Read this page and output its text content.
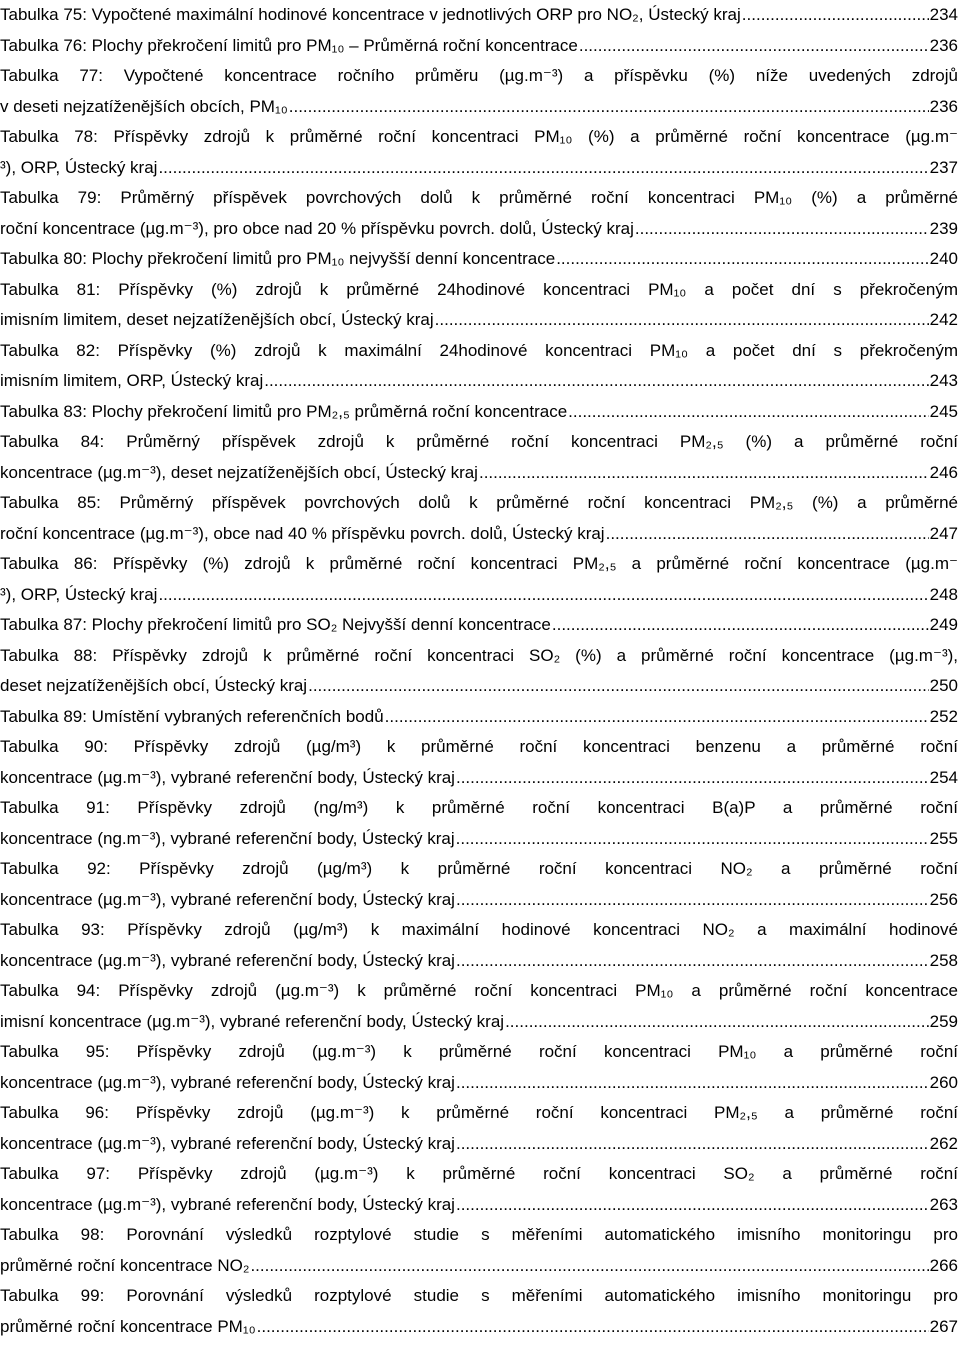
Tabulka 75: Vypočtené maximální hodinové koncentrace v jednotlivých ORP pro NO₂, Ústecký kraj .....	234
Tabulka 76: Plochy překročení limitů pro PM₁₀ – Průměrná roční koncentrace .....	236
Tabulka 77: Vypočtené koncentrace ročního průměru (µg.m⁻³) a příspěvku (%) níže uvedených zdrojů
v deseti nejzatíženějších obcích, PM₁₀ .....	236
Tabulka 78: Příspěvky zdrojů k průměrné roční koncentraci PM₁₀ (%) a průměrné roční koncentrace (µg.m⁻
³), ORP, Ústecký kraj .....	237
Tabulka 79: Průměrný příspěvek povrchových dolů k průměrné roční koncentraci PM₁₀ (%) a průměrné
roční koncentrace (µg.m⁻³), pro obce nad 20 % příspěvku povrch. dolů, Ústecký kraj .....	239
Tabulka 80: Plochy překročení limitů pro PM₁₀ nejvyšší denní koncentrace .....	240
Tabulka 81: Příspěvky (%) zdrojů k průměrné 24hodinové koncentraci PM₁₀ a počet dní s překročeným
imisním limitem, deset nejzatíženějších obcí, Ústecký kraj .....	242
Tabulka 82: Příspěvky (%) zdrojů k maximální 24hodinové koncentraci PM₁₀ a počet dní s překročeným
imisním limitem, ORP, Ústecký kraj .....	243
Tabulka 83: Plochy překročení limitů pro PM₂,₅ průměrná roční koncentrace .....	245
Tabulka 84: Průměrný příspěvek zdrojů k průměrné roční koncentraci PM₂,₅ (%) a průměrné roční
koncentrace (µg.m⁻³), deset nejzatíženějších obcí, Ústecký kraj .....	246
Tabulka 85: Průměrný příspěvek povrchových dolů k průměrné roční koncentraci PM₂,₅ (%) a průměrné
roční koncentrace (µg.m⁻³), obce nad 40 % příspěvku povrch. dolů, Ústecký kraj .....	247
Tabulka 86: Příspěvky (%) zdrojů k průměrné roční koncentraci PM₂,₅ a průměrné roční koncentrace (µg.m⁻
³), ORP, Ústecký kraj .....	248
Tabulka 87: Plochy překročení limitů pro SO₂ Nejvyšší denní koncentrace .....	249
Tabulka 88: Příspěvky zdrojů k průměrné roční koncentraci SO₂ (%) a průměrné roční koncentrace (µg.m⁻³),
deset nejzatíženějších obcí, Ústecký kraj .....	250
Tabulka 89: Umístění vybraných referenčních bodů .....	252
Tabulka 90: Příspěvky zdrojů (µg/m³) k průměrné roční koncentraci benzenu a průměrné roční
koncentrace (µg.m⁻³), vybrané referenční body, Ústecký kraj .....	254
Tabulka 91: Příspěvky zdrojů (ng/m³) k průměrné roční koncentraci B(a)P a průměrné roční
koncentrace (ng.m⁻³), vybrané referenční body, Ústecký kraj .....	255
Tabulka 92: Příspěvky zdrojů (µg/m³) k průměrné roční koncentraci NO₂ a průměrné roční
koncentrace (µg.m⁻³), vybrané referenční body, Ústecký kraj .....	256
Tabulka 93: Příspěvky zdrojů (µg/m³) k maximální hodinové koncentraci NO₂ a maximální hodinové
koncentrace (µg.m⁻³), vybrané referenční body, Ústecký kraj .....	258
Tabulka 94: Příspěvky zdrojů (µg.m⁻³) k průměrné roční koncentraci PM₁₀ a průměrné roční koncentrace
imisní koncentrace (µg.m⁻³), vybrané referenční body, Ústecký kraj .....	259
Tabulka 95: Příspěvky zdrojů (µg.m⁻³) k průměrné roční koncentraci PM₁₀ a průměrné roční
koncentrace (µg.m⁻³), vybrané referenční body, Ústecký kraj .....	260
Tabulka 96: Příspěvky zdrojů (µg.m⁻³) k průměrné roční koncentraci PM₂,₅ a průměrné roční
koncentrace (µg.m⁻³), vybrané referenční body, Ústecký kraj .....	262
Tabulka 97: Příspěvky zdrojů (µg.m⁻³) k průměrné roční koncentraci SO₂ a průměrné roční
koncentrace (µg.m⁻³), vybrané referenční body, Ústecký kraj .....	263
Tabulka 98: Porovnání výsledků rozptylové studie s měřeními automatického imisního monitoringu pro
průměrné roční koncentrace NO₂ .....	266
Tabulka 99: Porovnání výsledků rozptylové studie s měřeními automatického imisního monitoringu pro
průměrné roční koncentrace PM₁₀ .....	267
